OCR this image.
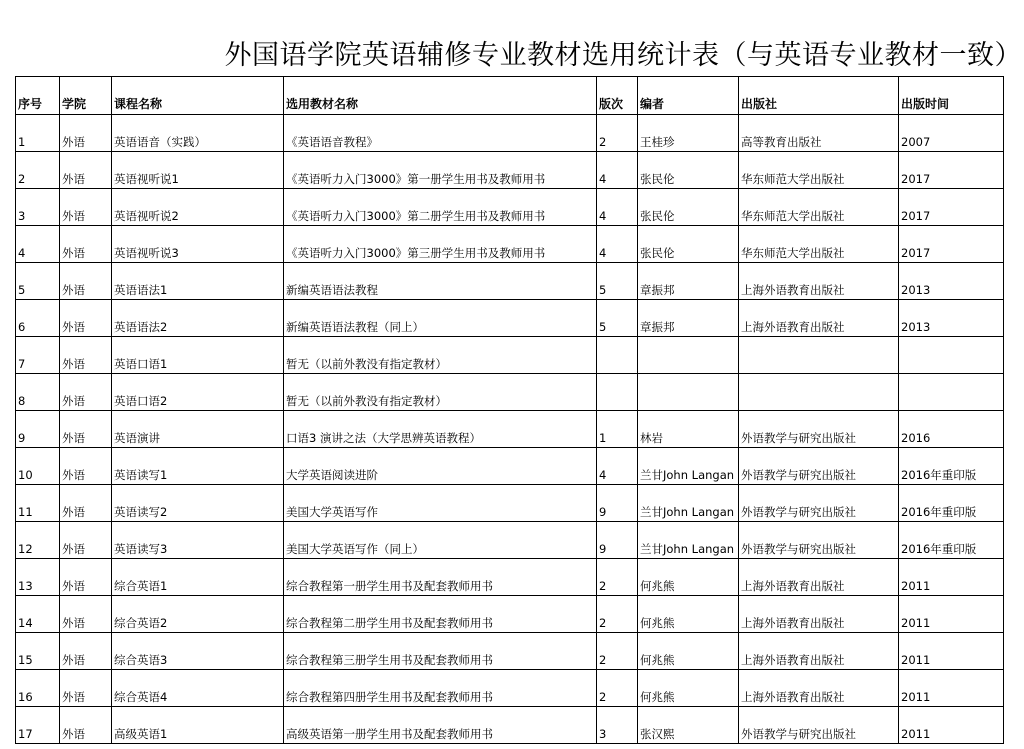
外国语学院英语辅修专业教材选用统计表（与英语专业教材一致）
序号	学院	课程名称	选用教材名称	版次	编者	出版社	出版时间
1	外语	英语语音（实践）	《英语语音教程》	2	王桂珍	高等教育出版社	2007
2	外语	英语视听说1	《英语听力入门3000》第一册学生用书及教师用书	4	张民伦	华东师范大学出版社	2017
3	外语	英语视听说2	《英语听力入门3000》第二册学生用书及教师用书	4	张民伦	华东师范大学出版社	2017
4	外语	英语视听说3	《英语听力入门3000》第三册学生用书及教师用书	4	张民伦	华东师范大学出版社	2017
5	外语	英语语法1	新编英语语法教程	5	章振邦	上海外语教育出版社	2013
6	外语	英语语法2	新编英语语法教程（同上）	5	章振邦	上海外语教育出版社	2013
7	外语	英语口语1	暂无（以前外教没有指定教材）				
8	外语	英语口语2	暂无（以前外教没有指定教材）				
9	外语	英语演讲	口语3 演讲之法（大学思辨英语教程）	1	林岩	外语教学与研究出版社	2016
10	外语	英语读写1	大学英语阅读进阶	4	兰甘John Langan	外语教学与研究出版社	2016年重印版
11	外语	英语读写2	美国大学英语写作	9	兰甘John Langan	外语教学与研究出版社	2016年重印版
12	外语	英语读写3	美国大学英语写作（同上）	9	兰甘John Langan	外语教学与研究出版社	2016年重印版
13	外语	综合英语1	综合教程第一册学生用书及配套教师用书	2	何兆熊	上海外语教育出版社	2011
14	外语	综合英语2	综合教程第二册学生用书及配套教师用书	2	何兆熊	上海外语教育出版社	2011
15	外语	综合英语3	综合教程第三册学生用书及配套教师用书	2	何兆熊	上海外语教育出版社	2011
16	外语	综合英语4	综合教程第四册学生用书及配套教师用书	2	何兆熊	上海外语教育出版社	2011
17	外语	高级英语1	高级英语第一册学生用书及配套教师用书	3	张汉熙	外语教学与研究出版社	2011
